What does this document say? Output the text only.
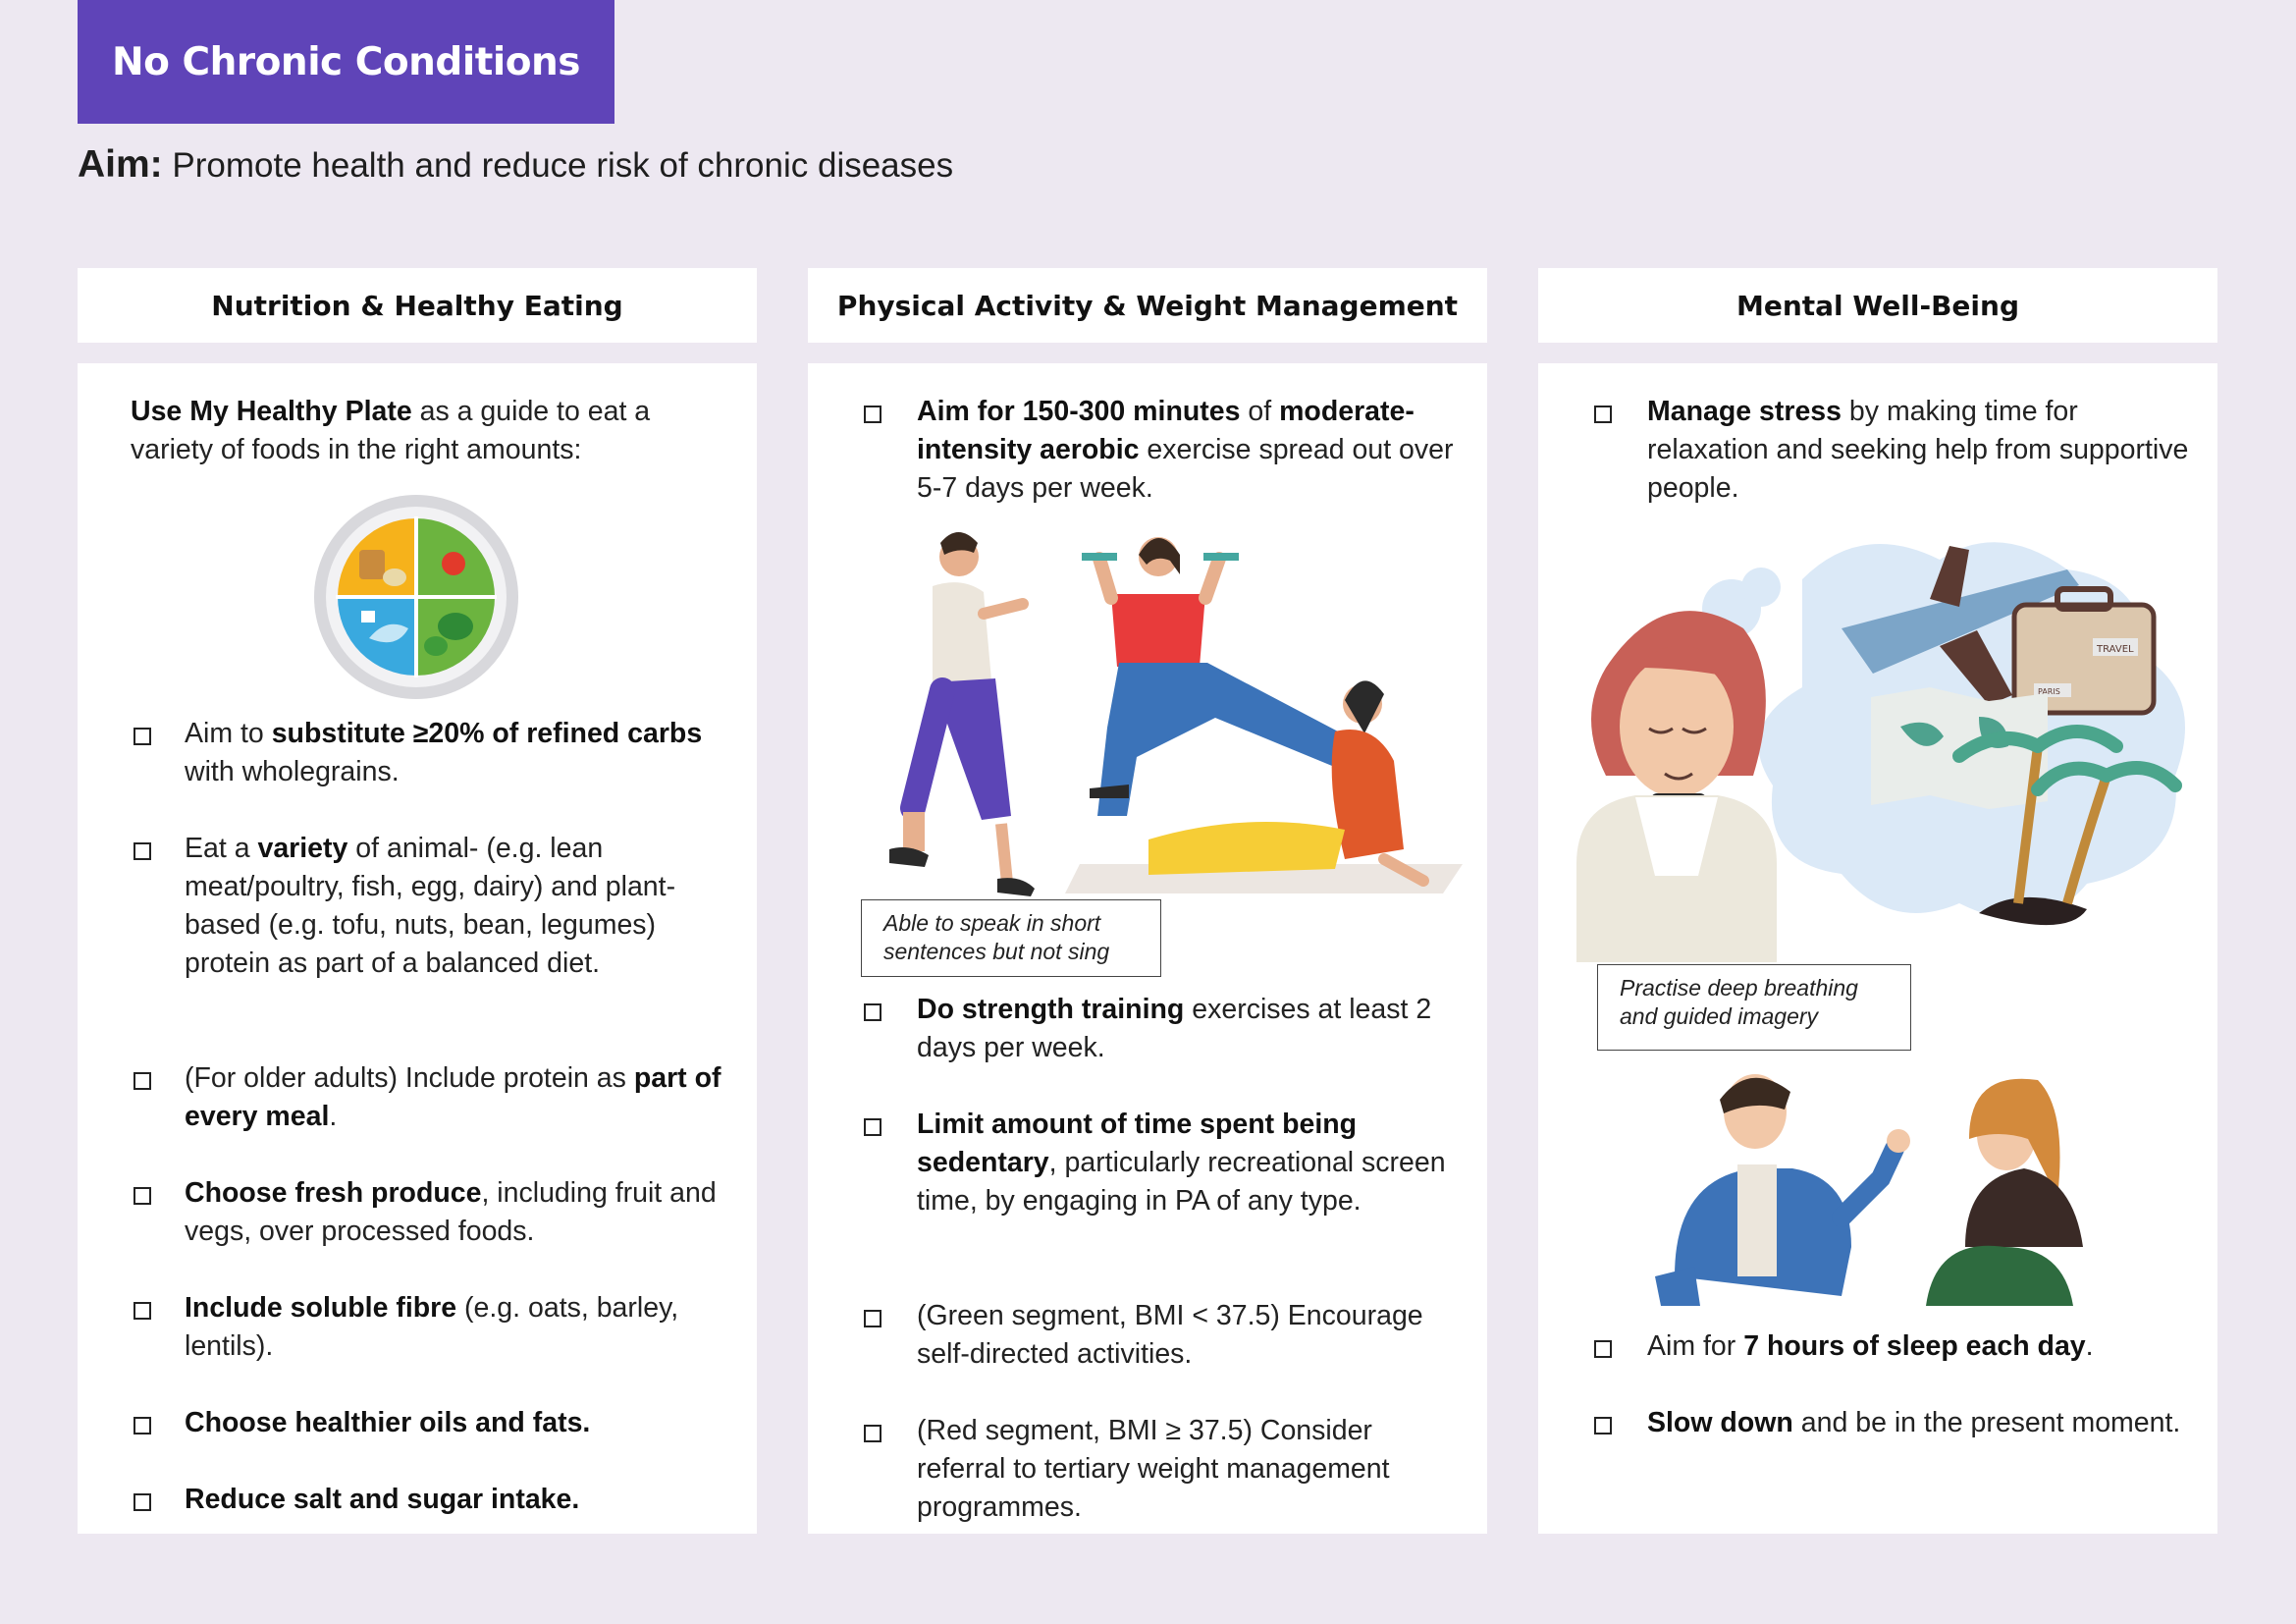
No Chronic Conditions
Aim: Promote health and reduce risk of chronic diseases
Nutrition & Healthy Eating	Physical Activity & Weight Management	Mental Well-Being
Use My Healthy Plate as a guide to eat a variety of foods in the right amounts:
Aim to substitute ≥20% of refined carbs with wholegrains.
Eat a variety of animal- (e.g. lean meat/poultry, fish, egg, dairy) and plant-based (e.g. tofu, nuts, bean, legumes) protein as part of a balanced diet.
(For older adults) Include protein as part of every meal.
Choose fresh produce, including fruit and vegs, over processed foods.
Include soluble fibre (e.g. oats, barley, lentils).
Choose healthier oils and fats.
Reduce salt and sugar intake.
Aim for 150-300 minutes of moderate-intensity aerobic exercise spread out over 5-7 days per week.
Able to speak in short sentences but not sing
Do strength training exercises at least 2 days per week.
Limit amount of time spent being sedentary, particularly recreational screen time, by engaging in PA of any type.
(Green segment, BMI < 37.5) Encourage self-directed activities.
(Red segment, BMI ≥ 37.5) Consider referral to tertiary weight management programmes.
Manage stress by making time for relaxation and seeking help from supportive people.
TRAVEL
PARIS
Practise deep breathing and guided imagery
Aim for 7 hours of sleep each day.
Slow down and be in the present moment.
